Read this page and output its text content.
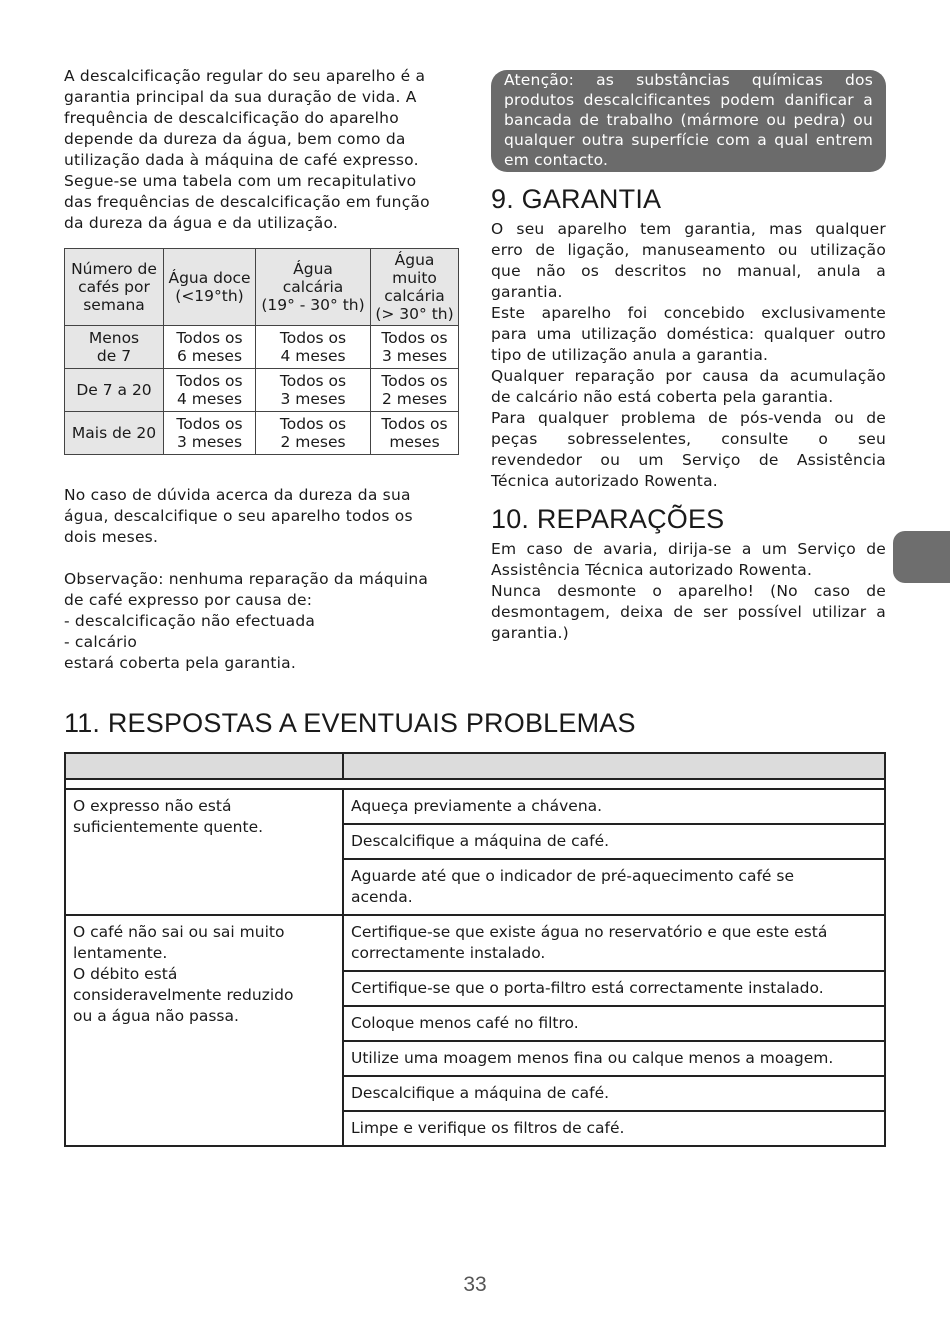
A descalcificação regular do seu aparelho é a
garantia principal da sua duração de vida. A
frequência de descalcificação do aparelho
depende da dureza da água, bem como da
utilização dada à máquina de café expresso.
Segue-se uma tabela com um recapitulativo
das frequências de descalcificação em função
da dureza da água e da utilização.

Número de
cafés por
semana	Água doce
(<19°th)	Água
calcária
(19° - 30° th)	Água
muito
calcária
(> 30° th)

Menos
de 7	Todos os
6 meses	Todos os
4 meses	Todos os
3 meses

De 7 a 20	Todos os
4 meses	Todos os
3 meses	Todos os
2 meses

Mais de 20	Todos os
3 meses	Todos os
2 meses	Todos os
meses

No caso de dúvida acerca da dureza da sua
água, descalcifique o seu aparelho todos os
dois meses.

Observação: nenhuma reparação da máquina
de café expresso por causa de:
- descalcificação não efectuada
- calcário
estará coberta pela garantia.

Atenção: as substâncias químicas dos
produtos descalcificantes podem danificar a
bancada de trabalho (mármore ou pedra) ou
qualquer outra superfície com a qual entrem
em contacto.
9. GARANTIA

O seu aparelho tem garantia, mas qualquer
erro de ligação, manuseamento ou utilização
que não os descritos no manual, anula a
garantia.
Este aparelho foi concebido exclusivamente
para uma utilização doméstica: qualquer outro
tipo de utilização anula a garantia.
Qualquer reparação por causa da acumulação
de calcário não está coberta pela garantia.
Para qualquer problema de pós-venda ou de
peças sobresselentes, consulte o seu
revendedor ou um Serviço de Assistência
Técnica autorizado Rowenta.

10. REPARAÇÕES

Em caso de avaria, dirija-se a um Serviço de
Assistência Técnica autorizado Rowenta.
Nunca desmonte o aparelho! (No caso de
desmontagem, deixa de ser possível utilizar a
garantia.)

11. RESPOSTAS A EVENTUAIS PROBLEMAS

O expresso não está
suficientemente quente.	Aqueça previamente a chávena.

	Descalcifique a máquina de café.

	Aguarde até que o indicador de pré-aquecimento café se
acenda.

O café não sai ou sai muito
lentamente.
O débito está
consideravelmente reduzido
ou a água não passa.	Certifique-se que existe água no reservatório e que este está
correctamente instalado.

	Certifique-se que o porta-filtro está correctamente instalado.

	Coloque menos café no filtro.

	Utilize uma moagem menos fina ou calque menos a moagem.

	Descalcifique a máquina de café.

	Limpe e verifique os filtros de café.
33
